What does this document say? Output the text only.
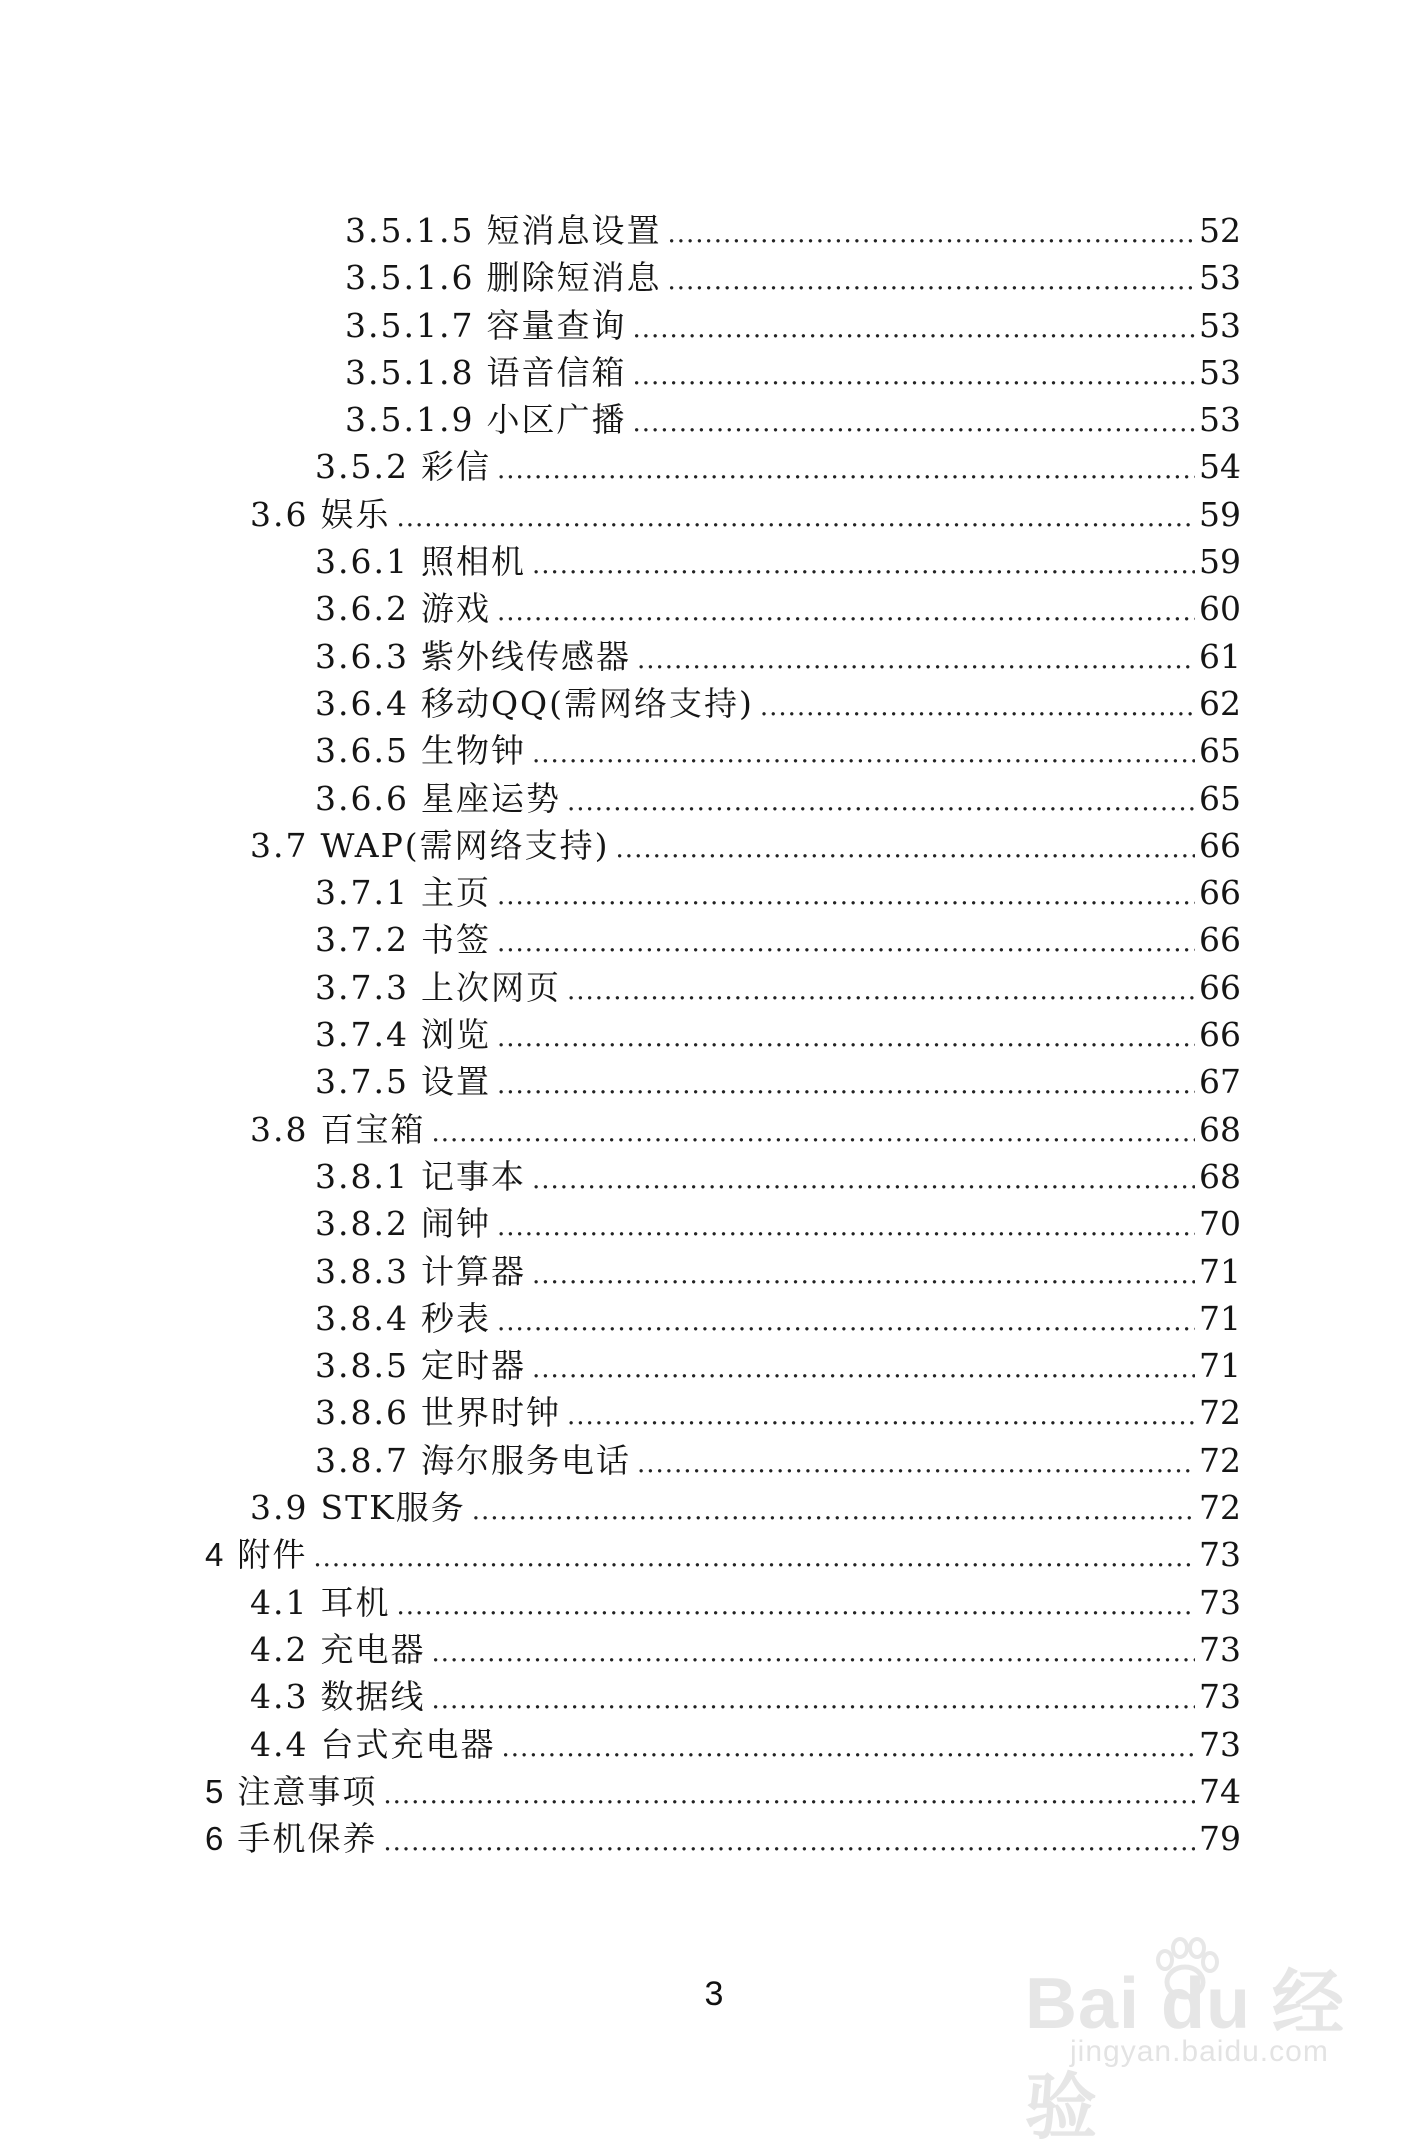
3.5.1.5 短消息设置 .....	52
3.5.1.6 删除短消息 .....	53
3.5.1.7 容量查询 .....	53
3.5.1.8 语音信箱 .....	53
3.5.1.9 小区广播 .....	53
3.5.2 彩信 .....	54
3.6 娱乐 .....	59
3.6.1 照相机 .....	59
3.6.2 游戏 .....	60
3.6.3 紫外线传感器 .....	61
3.6.4 移动QQ(需网络支持) .....	62
3.6.5 生物钟 .....	65
3.6.6 星座运势 .....	65
3.7 WAP(需网络支持) .....	66
3.7.1 主页 .....	66
3.7.2 书签 .....	66
3.7.3 上次网页 .....	66
3.7.4 浏览 .....	66
3.7.5 设置 .....	67
3.8 百宝箱 .....	68
3.8.1 记事本 .....	68
3.8.2 闹钟 .....	70
3.8.3 计算器 .....	71
3.8.4 秒表 .....	71
3.8.5 定时器 .....	71
3.8.6 世界时钟 .....	72
3.8.7 海尔服务电话 .....	72
3.9 STK服务 .....	72
4 附件 .....	73
4.1 耳机 .....	73
4.2 充电器 .....	73
4.3 数据线 .....	73
4.4 台式充电器 .....	73
5 注意事项 .....	74
6 手机保养 .....	79
3	Bai du 经验
jingyan.baidu.com
